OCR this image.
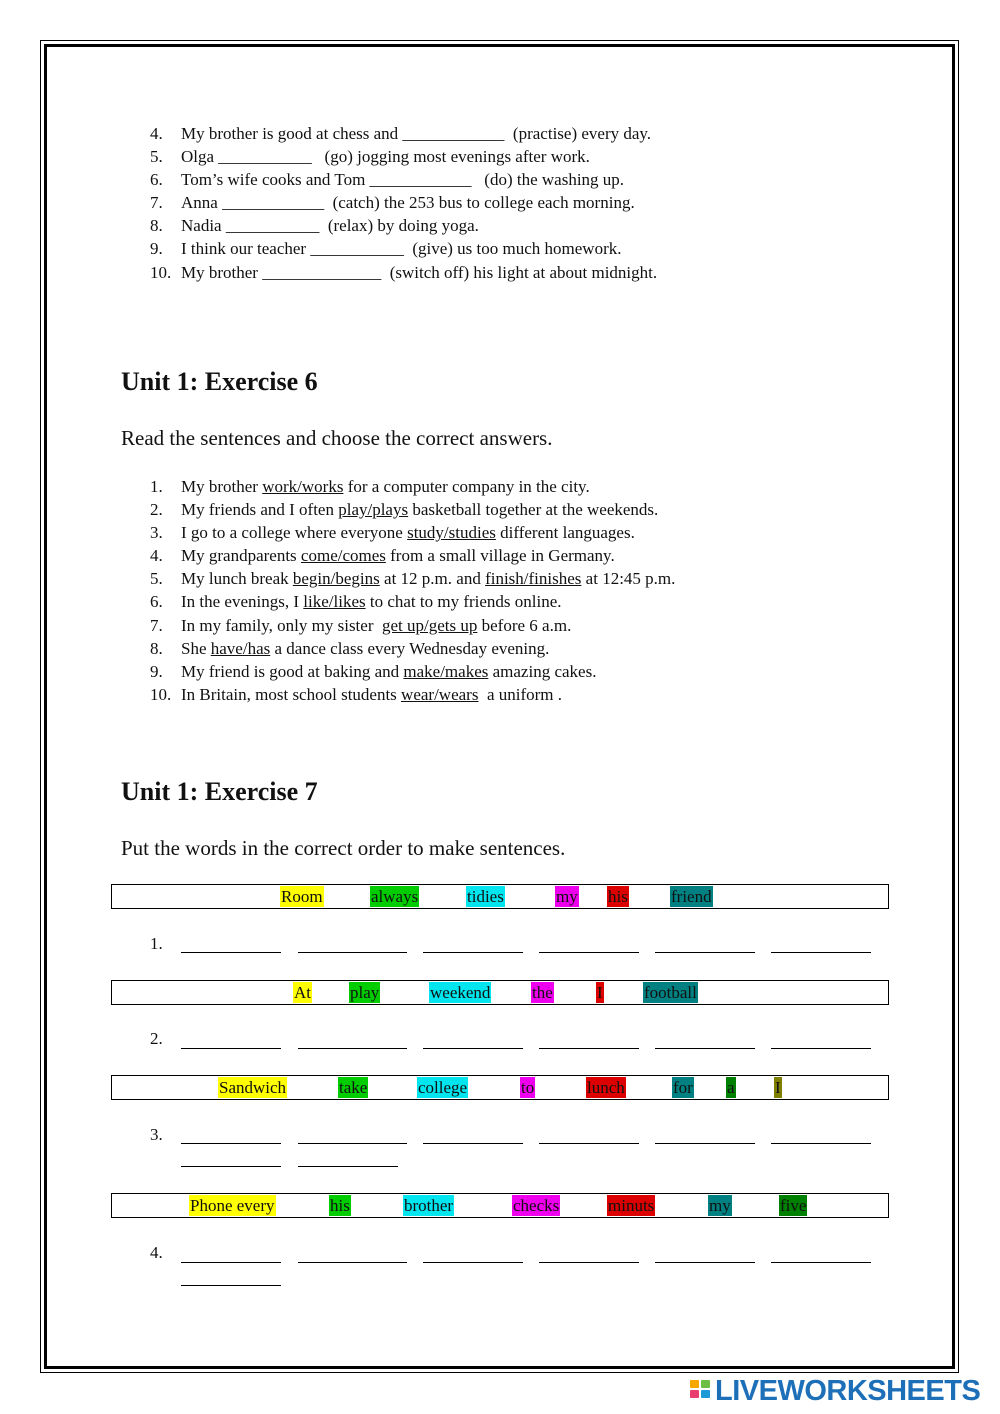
4. My brother is good at chess and ____________  (practise) every day.
5. Olga ___________   (go) jogging most evenings after work.
6. Tom’s wife cooks and Tom ____________   (do) the washing up.
7. Anna ____________  (catch) the 253 bus to college each morning.
8. Nadia ___________  (relax) by doing yoga.
9. I think our teacher ___________  (give) us too much homework.
10. My brother ______________  (switch off) his light at about midnight.
Unit 1: Exercise 6

Read the sentences and choose the correct answers.

1. My brother work/works for a computer company in the city.
2. My friends and I often play/plays basketball together at the weekends.
3. I go to a college where everyone study/studies different languages.
4. My grandparents come/comes from a small village in Germany.
5. My lunch break begin/begins at 12 p.m. and finish/finishes at 12:45 p.m.
6. In the evenings, I like/likes to chat to my friends online.
7. In my family, only my sister  get up/gets up before 6 a.m.
8. She have/has a dance class every Wednesday evening.
9. My friend is good at baking and make/makes amazing cakes.
10. In Britain, most school students wear/wears  a uniform .
Unit 1: Exercise 7

Put the words in the correct order to make sentences.

Room	always	tidies	my his	friend
1.
At play	weekend the	I football
2.
Sandwich	take	college	to	lunch	for a I
3.
Phone every	his	brother	checks	minuts	my	five
4.
LIVEWORKSHEETS
